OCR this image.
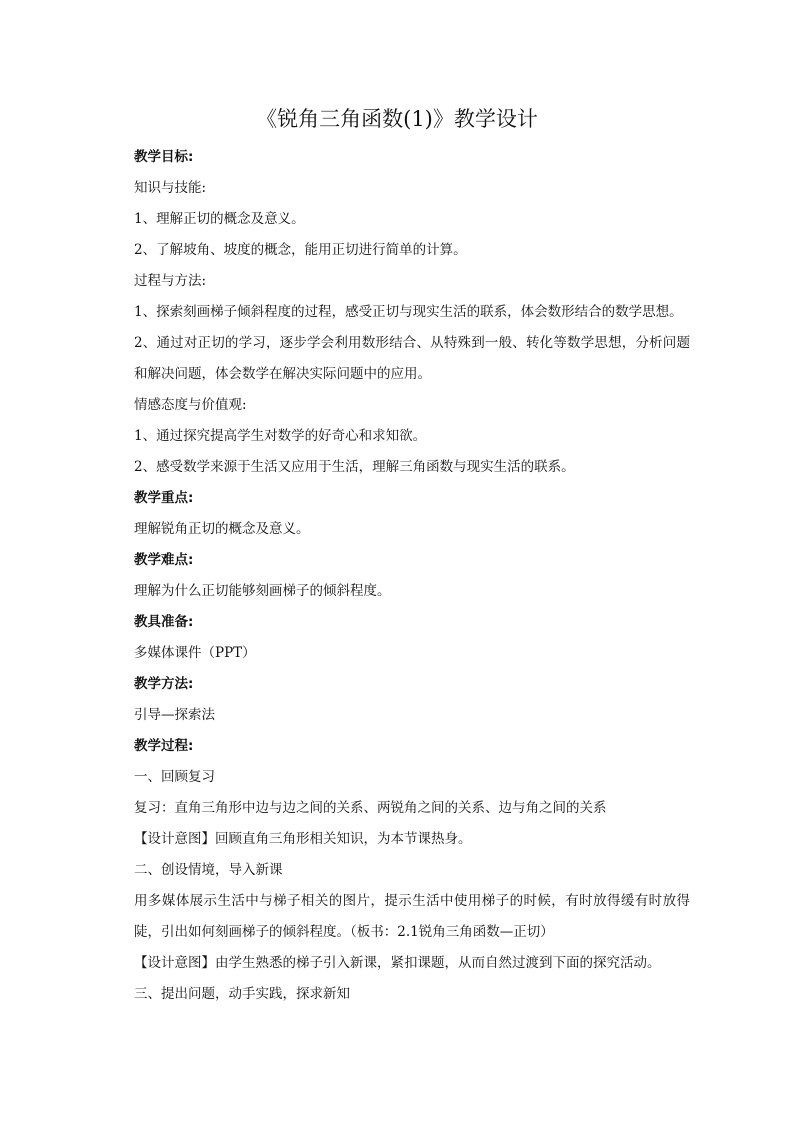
《锐角三角函数(1)》教学设计
教学目标:
知识与技能:
1、理解正切的概念及意义。
2、了解坡角、坡度的概念，能用正切进行简单的计算。
过程与方法:
1、探索刻画梯子倾斜程度的过程，感受正切与现实生活的联系，体会数形结合的数学思想。
2、通过对正切的学习，逐步学会利用数形结合、从特殊到一般、转化等数学思想，分析问题和解决问题，体会数学在解决实际问题中的应用。
情感态度与价值观:
1、通过探究提高学生对数学的好奇心和求知欲。
2、感受数学来源于生活又应用于生活，理解三角函数与现实生活的联系。
教学重点:
理解锐角正切的概念及意义。
教学难点:
理解为什么正切能够刻画梯子的倾斜程度。
教具准备:
多媒体课件（PPT）
教学方法:
引导—探索法
教学过程:
一、回顾复习
复习：直角三角形中边与边之间的关系、两锐角之间的关系、边与角之间的关系
【设计意图】回顾直角三角形相关知识，为本节课热身。
二、创设情境，导入新课
用多媒体展示生活中与梯子相关的图片，提示生活中使用梯子的时候，有时放得缓有时放得陡，引出如何刻画梯子的倾斜程度。（板书：2.1锐角三角函数—正切）
【设计意图】由学生熟悉的梯子引入新课，紧扣课题，从而自然过渡到下面的探究活动。
三、提出问题，动手实践，探求新知
